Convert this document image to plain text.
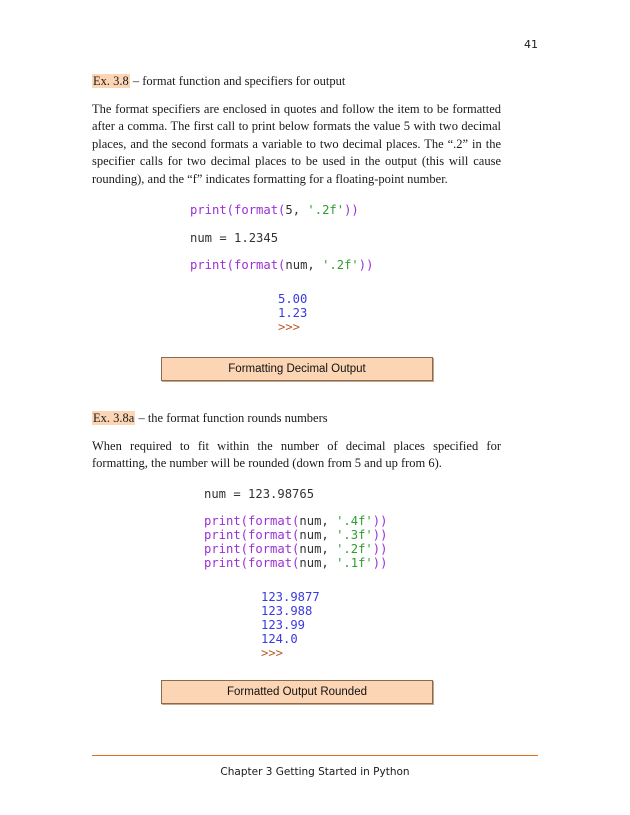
41
Ex. 3.8 – format function and specifiers for output
The format specifiers are enclosed in quotes and follow the item to be formatted after a comma. The first call to print below formats the value 5 with two decimal places, and the second formats a variable to two decimal places. The “.2” in the specifier calls for two decimal places to be used in the output (this will cause rounding), and the “f” indicates formatting for a floating-point number.
print(format(5, '.2f'))
num = 1.2345
print(format(num, '.2f'))
5.00
1.23
>>>
Formatting Decimal Output
Ex. 3.8a – the format function rounds numbers
When required to fit within the number of decimal places specified for formatting, the number will be rounded (down from 5 and up from 6).
num = 123.98765
print(format(num, '.4f'))
print(format(num, '.3f'))
print(format(num, '.2f'))
print(format(num, '.1f'))
123.9877
123.988
123.99
124.0
>>>
Formatted Output Rounded
Chapter 3 Getting Started in Python
